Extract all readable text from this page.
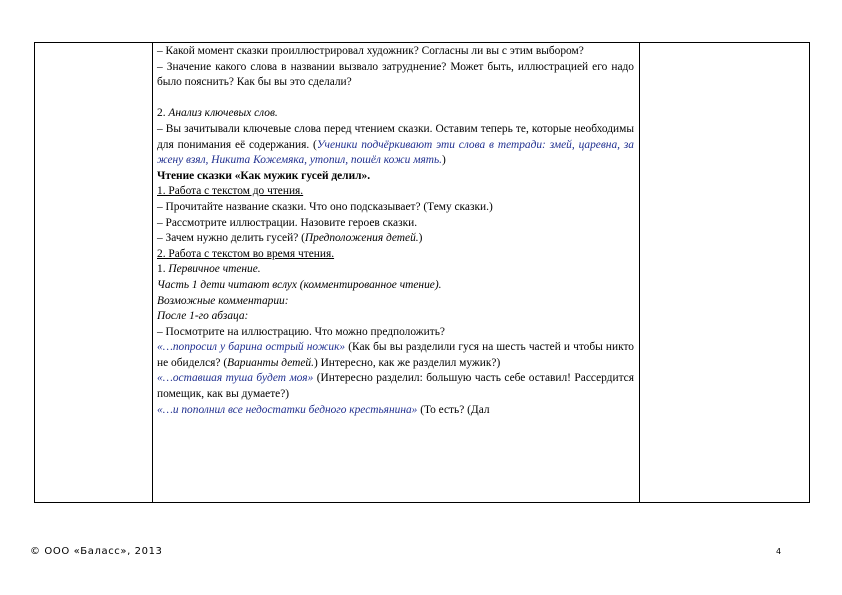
– Какой момент сказки проиллюстрировал художник? Согласны ли вы с этим выбором?

– Значение какого слова в названии вызвало затруднение? Может быть, иллюстрацией его надо было пояснить? Как бы вы это сделали?

2. Анализ ключевых слов.

– Вы зачитывали ключевые слова перед чтением сказки. Оставим теперь те, которые необходимы для понимания её содержания. (Ученики подчёркивают эти слова в тетради: змей, царевна, за жену взял, Никита Кожемяка, утопил, пошёл кожи мять.)

Чтение сказки «Как мужик гусей делил».

1. Работа с текстом до чтения.

– Прочитайте название сказки. Что оно подсказывает? (Тему сказки.)

– Рассмотрите иллюстрации. Назовите героев сказки.

– Зачем нужно делить гусей? (Предположения детей.)

2. Работа с текстом во время чтения.

1. Первичное чтение.

Часть 1 дети читают вслух (комментированное чтение).

Возможные комментарии:

После 1-го абзаца:

– Посмотрите на иллюстрацию. Что можно предположить?

«…попросил у барина острый ножик» (Как бы вы разделили гуся на шесть частей и чтобы никто не обиделся? (Варианты детей.) Интересно, как же разделил мужик?)

«…оставшая туша будет моя» (Интересно разделил: большую часть себе оставил! Рассердится помещик, как вы думаете?)

«…и пополнил все недостатки бедного крестьянина» (То есть? (Дал

© ООО «Баласс», 2013	4
